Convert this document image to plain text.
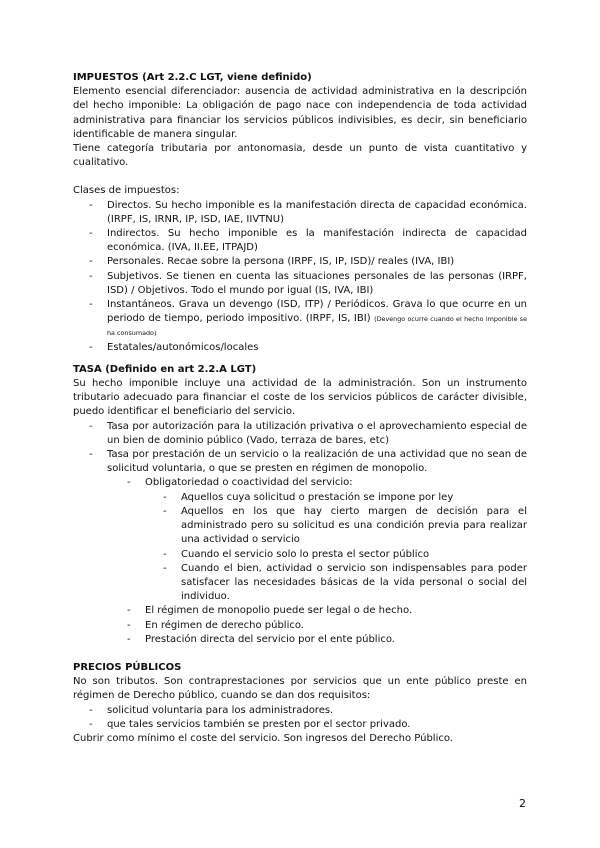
IMPUESTOS (Art 2.2.C LGT, viene definido)
Elemento esencial diferenciador: ausencia de actividad administrativa en la descripción del hecho imponible: La obligación de pago nace con independencia de toda actividad administrativa para financiar los servicios públicos indivisibles, es decir, sin beneficiario identificable de manera singular.
Tiene categoría tributaria por antonomasia, desde un punto de vista cuantitativo y cualitativo.
Clases de impuestos:
- Directos. Su hecho imponible es la manifestación directa de capacidad económica. (IRPF, IS, IRNR, IP, ISD, IAE, IIVTNU)
- Indirectos. Su hecho imponible es la manifestación indirecta de capacidad económica. (IVA, II.EE, ITPAJD)
- Personales. Recae sobre la persona (IRPF, IS, IP, ISD)/ reales (IVA, IBI)
- Subjetivos. Se tienen en cuenta las situaciones personales de las personas (IRPF, ISD) / Objetivos. Todo el mundo por igual (IS, IVA, IBI)
- Instantáneos. Grava un devengo (ISD, ITP) / Periódicos. Grava lo que ocurre en un periodo de tiempo, periodo impositivo. (IRPF, IS, IBI) (Devengo ocurre cuando el hecho imponible se ha consumado)
- Estatales/autonómicos/locales
TASA (Definido en art 2.2.A LGT)
Su hecho imponible incluye una actividad de la administración. Son un instrumento tributario adecuado para financiar el coste de los servicios públicos de carácter divisible, puedo identificar el beneficiario del servicio.
- Tasa por autorización para la utilización privativa o el aprovechamiento especial de un bien de dominio público (Vado, terraza de bares, etc)
- Tasa por prestación de un servicio o la realización de una actividad que no sean de solicitud voluntaria, o que se presten en régimen de monopolio.
- Obligatoriedad o coactividad del servicio:
- Aquellos cuya solicitud o prestación se impone por ley
- Aquellos en los que hay cierto margen de decisión para el administrado pero su solicitud es una condición previa para realizar una actividad o servicio
- Cuando el servicio solo lo presta el sector público
- Cuando el bien, actividad o servicio son indispensables para poder satisfacer las necesidades básicas de la vida personal o social del individuo.
- El régimen de monopolio puede ser legal o de hecho.
- En régimen de derecho público.
- Prestación directa del servicio por el ente público.
PRECIOS PÚBLICOS
No son tributos. Son contraprestaciones por servicios que un ente público preste en régimen de Derecho público, cuando se dan dos requisitos:
- solicitud voluntaria para los administradores.
- que tales servicios también se presten por el sector privado.
Cubrir como mínimo el coste del servicio. Son ingresos del Derecho Público.
2
